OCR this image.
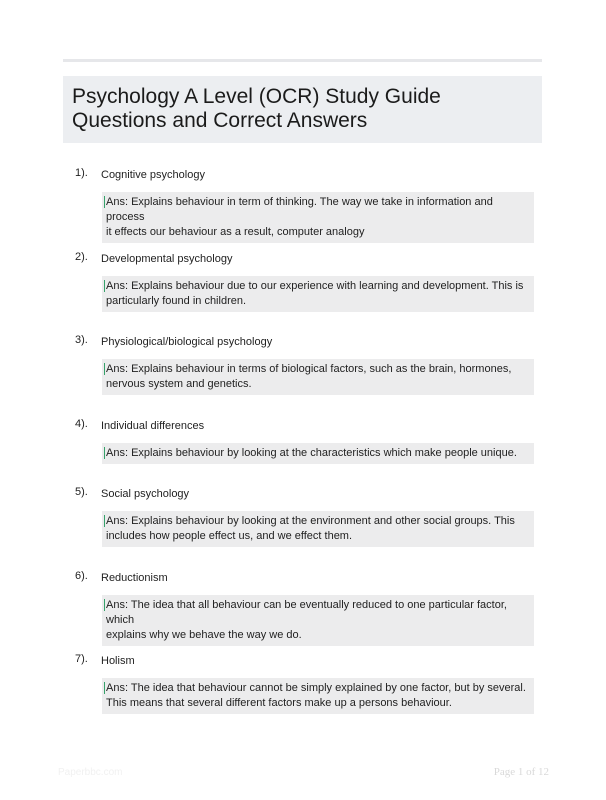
Psychology A Level (OCR) Study Guide
Questions and Correct Answers
1). Cognitive psychology
Ans: Explains behaviour in term of thinking. The way we take in information and process
it effects our behaviour as a result, computer analogy
2). Developmental psychology
Ans: Explains behaviour due to our experience with learning and development. This is
particularly found in children.
3). Physiological/biological psychology
Ans: Explains behaviour in terms of biological factors, such as the brain, hormones,
nervous system and genetics.
4). Individual differences
Ans: Explains behaviour by looking at the characteristics which make people unique.
5). Social psychology
Ans: Explains behaviour by looking at the environment and other social groups. This
includes how people effect us, and we effect them.
6). Reductionism
Ans: The idea that all behaviour can be eventually reduced to one particular factor, which
explains why we behave the way we do.
7). Holism
Ans: The idea that behaviour cannot be simply explained by one factor, but by several.
This means that several different factors make up a persons behaviour.
Paperbbc.com	Page 1 of 12
